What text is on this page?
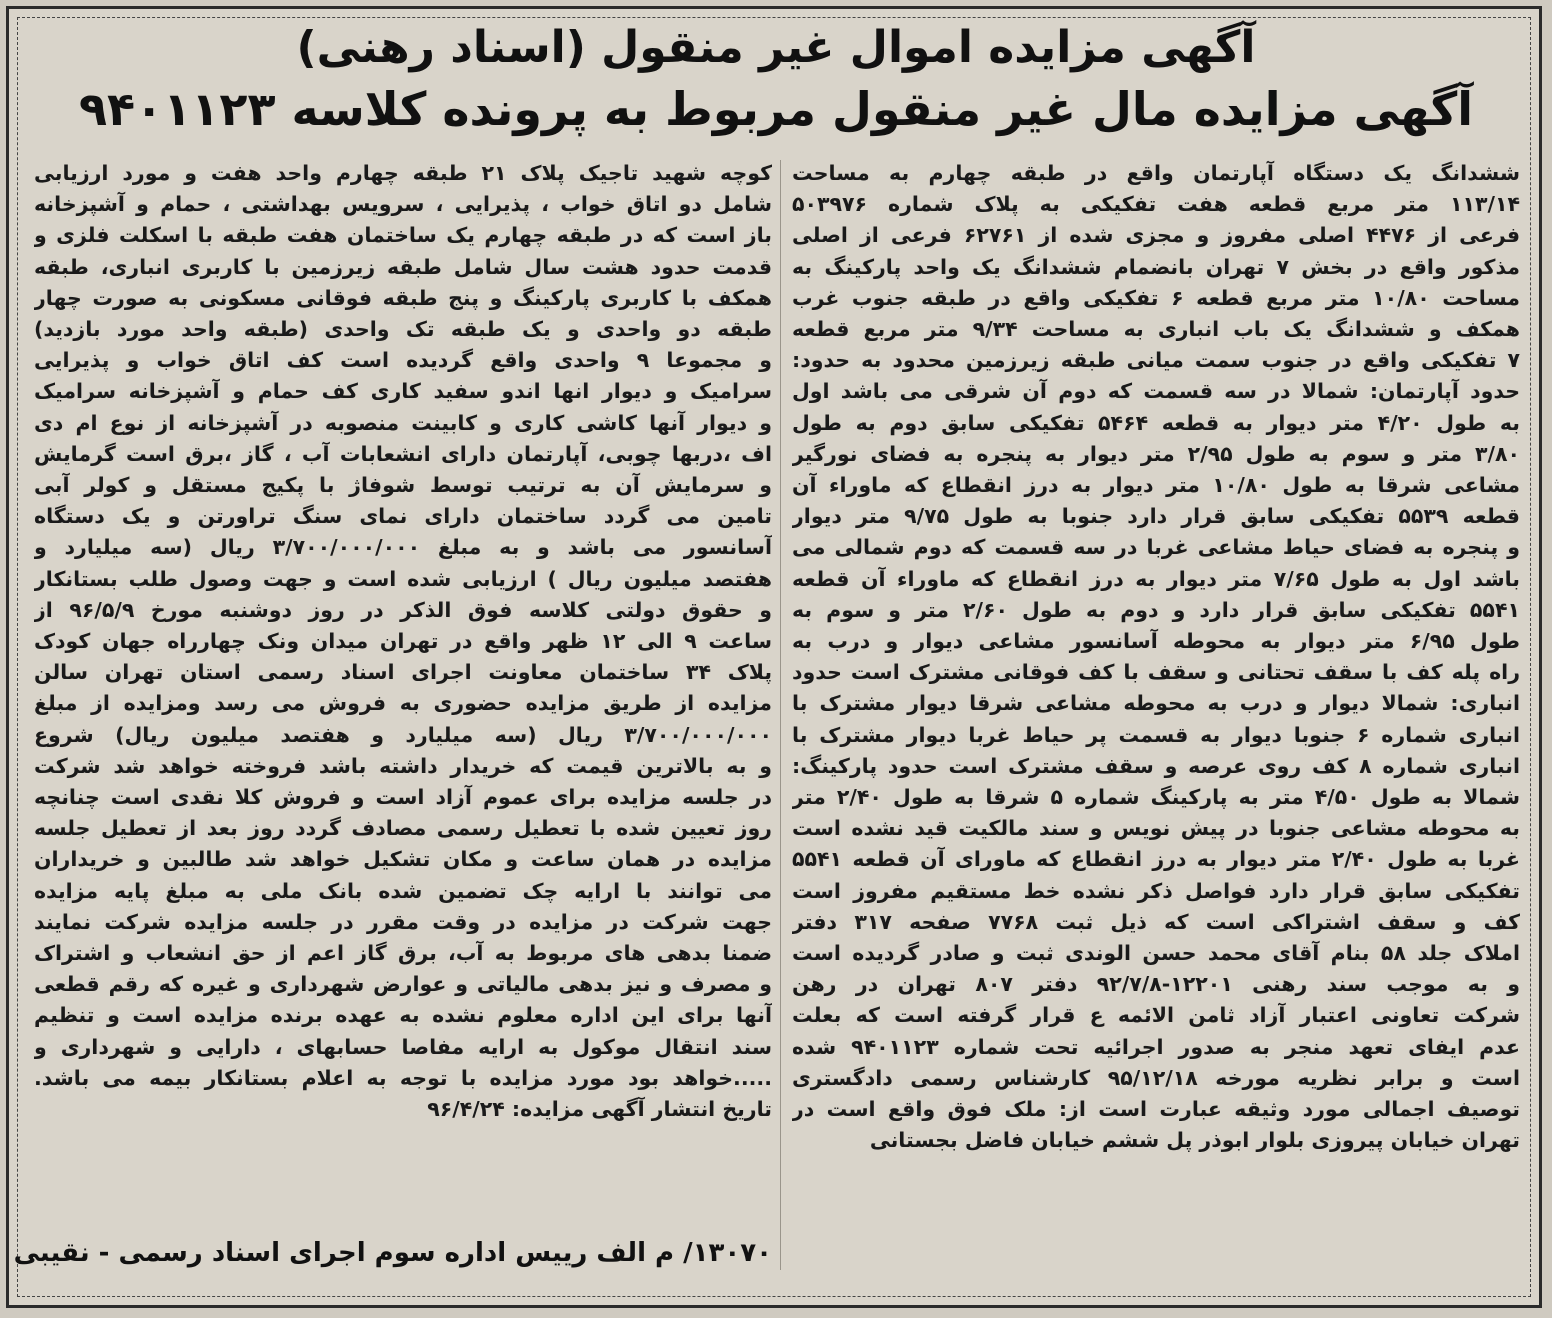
آگهی مزایده اموال غیر منقول (اسناد رهنی)
آگهی مزایده مال غیر منقول مربوط به پرونده کلاسه ۹۴۰۱۱۲۳
ششدانگ یک دستگاه آپارتمان واقع در طبقه چهارم به مساحت
۱۱۳/۱۴ متر مربع قطعه هفت تفکیکی به پلاک شماره ۵۰۳۹۷۶
فرعی از ۴۴۷۶ اصلی مفروز و مجزی شده از ۶۲۷۶۱ فرعی از اصلی
مذکور واقع در بخش ۷ تهران بانضمام ششدانگ یک واحد پارکینگ به
مساحت ۱۰/۸۰ متر مربع قطعه ۶ تفکیکی واقع در طبقه جنوب غرب
همکف و ششدانگ یک باب انباری به مساحت ۹/۳۴ متر مربع قطعه
۷ تفکیکی واقع در جنوب سمت میانی طبقه زیرزمین محدود به حدود:
حدود آپارتمان: شمالا در سه قسمت که دوم آن شرقی می باشد اول
به طول ۴/۲۰ متر دیوار به قطعه ۵۴۶۴ تفکیکی سابق دوم به طول
۳/۸۰ متر و سوم به طول ۲/۹۵ متر دیوار به پنجره به فضای نورگیر
مشاعی شرقا به طول ۱۰/۸۰ متر دیوار به درز انقطاع که ماوراء آن
قطعه ۵۵۳۹ تفکیکی سابق قرار دارد جنوبا به طول ۹/۷۵ متر دیوار
و پنجره به فضای حیاط مشاعی غربا در سه قسمت که دوم شمالی می
باشد اول به طول ۷/۶۵ متر دیوار به درز انقطاع که ماوراء آن قطعه
۵۵۴۱ تفکیکی سابق قرار دارد و دوم به طول ۲/۶۰ متر و سوم به
طول ۶/۹۵ متر دیوار به محوطه آسانسور مشاعی دیوار و درب به
راه پله کف با سقف تحتانی و سقف با کف فوقانی مشترک است حدود
انباری: شمالا دیوار و درب به محوطه مشاعی شرقا دیوار مشترک با
انباری شماره ۶ جنوبا دیوار به قسمت پر حیاط غربا دیوار مشترک با
انباری شماره ۸ کف روی عرصه و سقف مشترک است حدود پارکینگ:
شمالا به طول ۴/۵۰ متر به پارکینگ شماره ۵ شرقا به طول ۲/۴۰ متر
به محوطه مشاعی جنوبا در پیش نویس و سند مالکیت قید نشده است
غربا به طول ۲/۴۰ متر دیوار به درز انقطاع که ماورای آن قطعه ۵۵۴۱
تفکیکی سابق قرار دارد فواصل ذکر نشده خط مستقیم مفروز است
کف و سقف اشتراکی است که ذیل ثبت ۷۷۶۸ صفحه ۳۱۷ دفتر
املاک جلد ۵۸ بنام آقای محمد حسن الوندی ثبت و صادر گردیده است
و به موجب سند رهنی ۱۲۲۰۱-۹۲/۷/۸ دفتر ۸۰۷ تهران در رهن
شرکت تعاونی اعتبار آزاد ثامن الائمه ع قرار گرفته است که بعلت
عدم ایفای تعهد منجر به صدور اجرائیه تحت شماره ۹۴۰۱۱۲۳ شده
است و برابر نظریه مورخه ۹۵/۱۲/۱۸ کارشناس رسمی دادگستری
توصیف اجمالی مورد وثیقه عبارت است از: ملک فوق واقع است در
تهران خیابان پیروزی بلوار ابوذر پل ششم خیابان فاضل بجستانی
کوچه شهید تاجیک پلاک ۲۱ طبقه چهارم واحد هفت و مورد ارزیابی
شامل دو اتاق خواب ، پذیرایی ، سرویس بهداشتی ، حمام و آشپزخانه
باز است که در طبقه چهارم یک ساختمان هفت طبقه با اسکلت فلزی و
قدمت حدود هشت سال شامل طبقه زیرزمین با کاربری انباری، طبقه
همکف با کاربری پارکینگ و پنج طبقه فوقانی مسکونی به صورت چهار
طبقه دو واحدی و یک طبقه تک واحدی (طبقه واحد مورد بازدید)
و مجموعا ۹ واحدی واقع گردیده است کف اتاق خواب و پذیرایی
سرامیک و دیوار انها اندو سفید کاری کف حمام و آشپزخانه سرامیک
و دیوار آنها کاشی کاری و کابینت منصوبه در آشپزخانه از نوع ام دی
اف ،دربها چوبی، آپارتمان دارای انشعابات آب ، گاز ،برق است گرمایش
و سرمایش آن به ترتیب توسط شوفاژ با پکیج مستقل و کولر آبی
تامین می گردد ساختمان دارای نمای سنگ تراورتن و یک دستگاه
آسانسور می باشد و به مبلغ ۳/۷۰۰/۰۰۰/۰۰۰ ریال (سه میلیارد و
هفتصد میلیون ریال ) ارزیابی شده است و جهت وصول طلب بستانکار
و حقوق دولتی کلاسه فوق الذکر در روز دوشنبه مورخ ۹۶/۵/۹ از
ساعت ۹ الی ۱۲ ظهر واقع در تهران میدان ونک چهارراه جهان کودک
پلاک ۳۴ ساختمان معاونت اجرای اسناد رسمی استان تهران سالن
مزایده از طریق مزایده حضوری به فروش می رسد ومزایده از مبلغ
۳/۷۰۰/۰۰۰/۰۰۰ ریال (سه میلیارد و هفتصد میلیون ریال) شروع
و به بالاترین قیمت که خریدار داشته باشد فروخته خواهد شد شرکت
در جلسه مزایده برای عموم آزاد است و فروش کلا نقدی است چنانچه
روز تعیین شده با تعطیل رسمی مصادف گردد روز بعد از تعطیل جلسه
مزایده در همان ساعت و مکان تشکیل خواهد شد طالبین و خریداران
می توانند با ارایه چک تضمین شده بانک ملی به مبلغ پایه مزایده
جهت شرکت در مزایده در وقت مقرر در جلسه مزایده شرکت نمایند
ضمنا بدهی های مربوط به آب، برق گاز اعم از حق انشعاب و اشتراک
و مصرف و نیز بدهی مالیاتی و عوارض شهرداری و غیره که رقم قطعی
آنها برای این اداره معلوم نشده به عهده برنده مزایده است و تنظیم
سند انتقال موکول به ارایه مفاصا حسابهای ، دارایی و شهرداری و
.....خواهد بود مورد مزایده با توجه به اعلام بستانکار بیمه می باشد.
تاریخ انتشار آگهی مزایده: ۹۶/۴/۲۴
۱۳۰۷۰/ م الف رییس اداره سوم اجرای اسناد رسمی - نقیبی
